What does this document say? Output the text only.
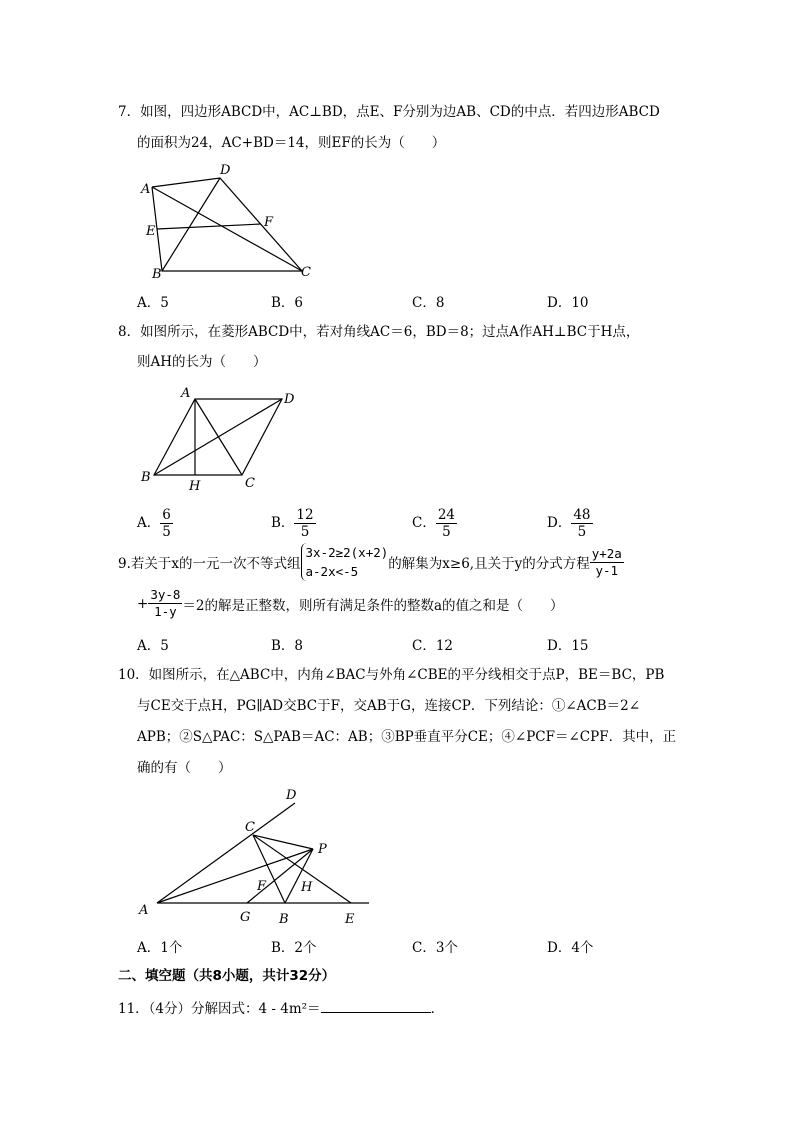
7．如图，四边形ABCD中，AC⊥BD，点E、F分别为边AB、CD的中点．若四边形ABCD
的面积为24，AC+BD＝14，则EF的长为（　　）
A
D
E
F
B	C
A．5	B．6	C．8	D．10
8．如图所示，在菱形ABCD中，若对角线AC＝6，BD＝8；过点A作AH⊥BC于H点，
则AH的长为（　　）
A	D
B
H	C
A． $\frac{6}{5}$	B． $\frac{12}{5}$	C． $\frac{24}{5}$	D． $\frac{48}{5}$
9.若关于x的一元一次不等式组
3x-2≥2(x+2)
a-2x<-5	的解集为x≥6,且关于y的分式方程 $\frac{y+2a}{y-1}$
+ $\frac{3y-8}{1-y} =2$的解是正整数，则所有满足条件的整数a的值之和是（　　）
A．5	B．8	C．12	D．15
10．如图所示，在△ABC中，内角∠BAC与外角∠CBE的平分线相交于点P，BE＝BC，PB
与CE交于点H，PG∥AD交BC于F，交AB于G，连接CP．下列结论：①∠ACB＝2∠
APB；②S△PAC：S△PAB＝AC：AB；③BP垂直平分CE；④∠PCF＝∠CPF．其中，正
确的有（　　）
D
C
P
F	H
A	G B	E
A．1个	B．2个	C．3个	D．4个
二、填空题（共8小题，共计32分）
11．（4分）分解因式：4 - 4m²＝	．
